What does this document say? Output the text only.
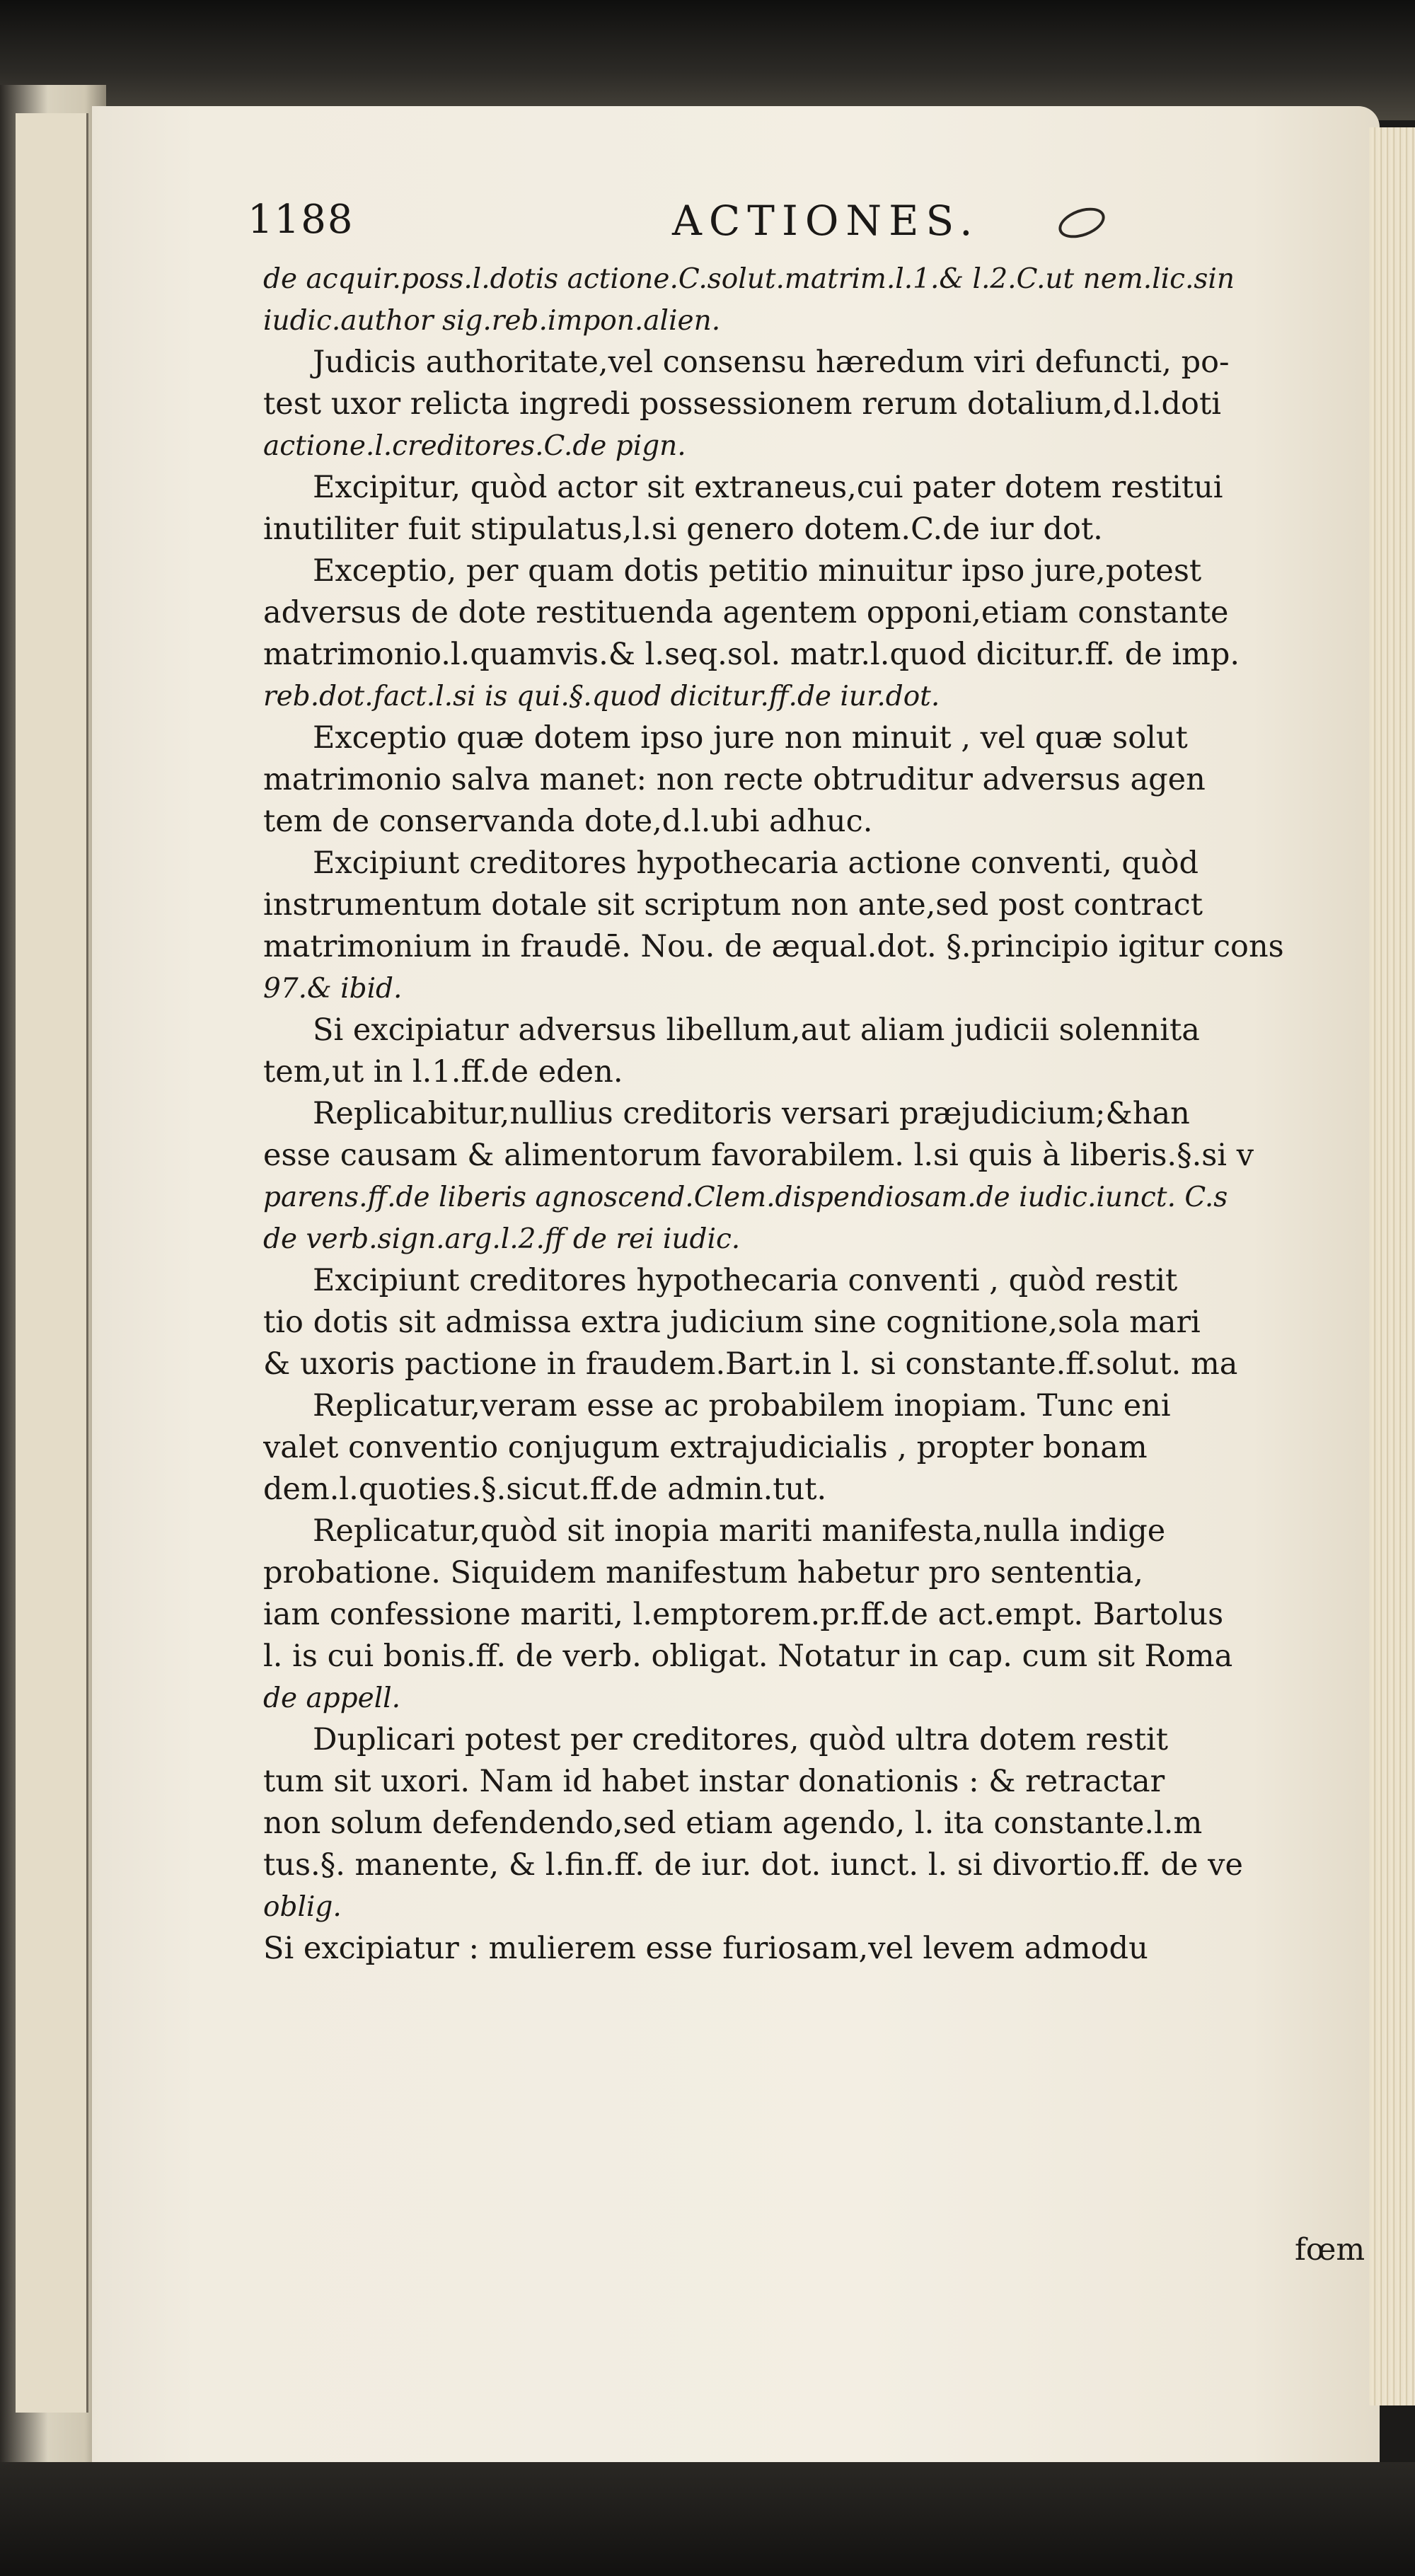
1188	ACTIONES.
de acquir.poss.l.dotis actione.C.solut.matrim.l.1.& l.2.C.ut nem.lic.sin
iudic.author sig.reb.impon.alien.
Judicis authoritate,vel consensu hæredum viri defuncti, po-
test uxor relicta ingredi possessionem rerum dotalium,d.l.doti
actione.l.creditores.C.de pign.
Excipitur, quòd actor sit extraneus,cui pater dotem restitui
inutiliter fuit stipulatus,l.si genero dotem.C.de iur dot.
Exceptio, per quam dotis petitio minuitur ipso jure,potest
adversus de dote restituenda agentem opponi,etiam constante
matrimonio.l.quamvis.& l.seq.sol. matr.l.quod dicitur.ff. de imp.
reb.dot.fact.l.si is qui.§.quod dicitur.ff.de iur.dot.
Exceptio quæ dotem ipso jure non minuit , vel quæ solut
matrimonio salva manet: non recte obtruditur adversus agen
tem de conservanda dote,d.l.ubi adhuc.
Excipiunt creditores hypothecaria actione conventi, quòd
instrumentum dotale sit scriptum non ante,sed post contract
matrimonium in fraudē. Nou. de æqual.dot. §.principio igitur cons
97.& ibid.
Si excipiatur adversus libellum,aut aliam judicii solennita
tem,ut in l.1.ff.de eden.
Replicabitur,nullius creditoris versari præjudicium;&han
esse causam & alimentorum favorabilem. l.si quis à liberis.§.si v
parens.ff.de liberis agnoscend.Clem.dispendiosam.de iudic.iunct. C.s
de verb.sign.arg.l.2.ff de rei iudic.
Excipiunt creditores hypothecaria conventi , quòd restit
tio dotis sit admissa extra judicium sine cognitione,sola mari
& uxoris pactione in fraudem.Bart.in l. si constante.ff.solut. ma
Replicatur,veram esse ac probabilem inopiam. Tunc eni
valet conventio conjugum extrajudicialis , propter bonam
dem.l.quoties.§.sicut.ff.de admin.tut.
Replicatur,quòd sit inopia mariti manifesta,nulla indige
probatione. Siquidem manifestum habetur pro sententia,
iam confessione mariti, l.emptorem.pr.ff.de act.empt. Bartolus
l. is cui bonis.ff. de verb. obligat. Notatur in cap. cum sit Roma
de appell.
Duplicari potest per creditores, quòd ultra dotem restit
tum sit uxori. Nam id habet instar donationis : & retractar
non solum defendendo,sed etiam agendo, l. ita constante.l.m
tus.§. manente, & l.fin.ff. de iur. dot. iunct. l. si divortio.ff. de ve
oblig.
Si excipiatur : mulierem esse furiosam,vel levem admodu
fœm
